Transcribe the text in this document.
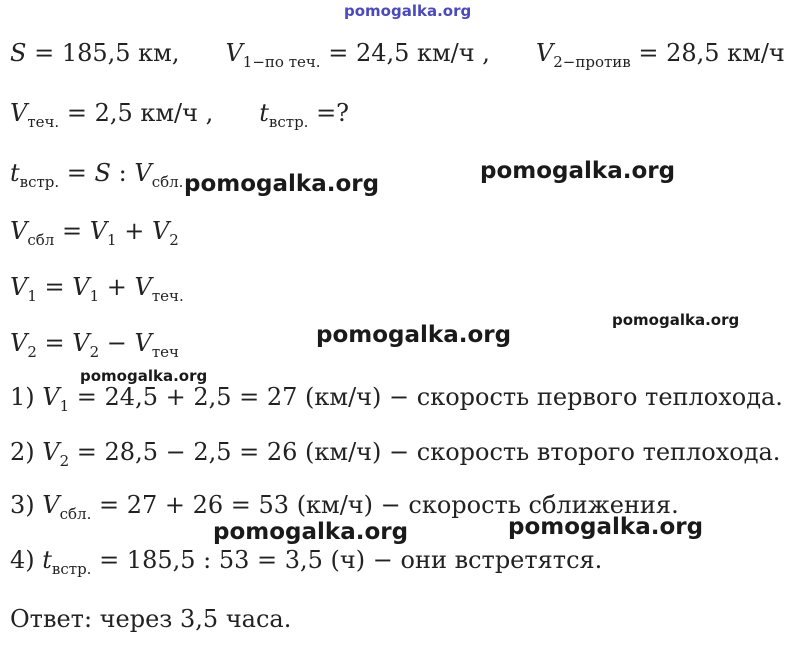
pomogalka.org
S = 185,5 км, $V_{1-по теч.} = 24,5$ км/ч , $V_{2-против} = 28,5$ км/ч
$V_{теч.} = 2,5$ км/ч , $t_{встр.}$ =?
$t_{встр.} = S$ : $V_{сбл.}$
$V_{сбл} = V_1 + V_2$
$V_1 = V_1 + V_{теч.}$
$V_2 = V_2 - V_{теч}$
1) $V_1 = 24,5 + 2,5 = 27$ (км/ч) − скорость первого теплохода.
2) $V_2 = 28,5 - 2,5 = 26$ (км/ч) − скорость второго теплохода.
3) $V_{сбл.} = 27 + 26 = 53$ (км/ч) − скорость сближения.
4) $t_{встр.} = 185,5$ : 53 = 3,5 (ч) − они встретятся.
Ответ: через 3,5 часа.
pomogalka.org	pomogalka.org
pomogalka.org
pomogalka.org
pomogalka.org
pomogalka.org	pomogalka.org
